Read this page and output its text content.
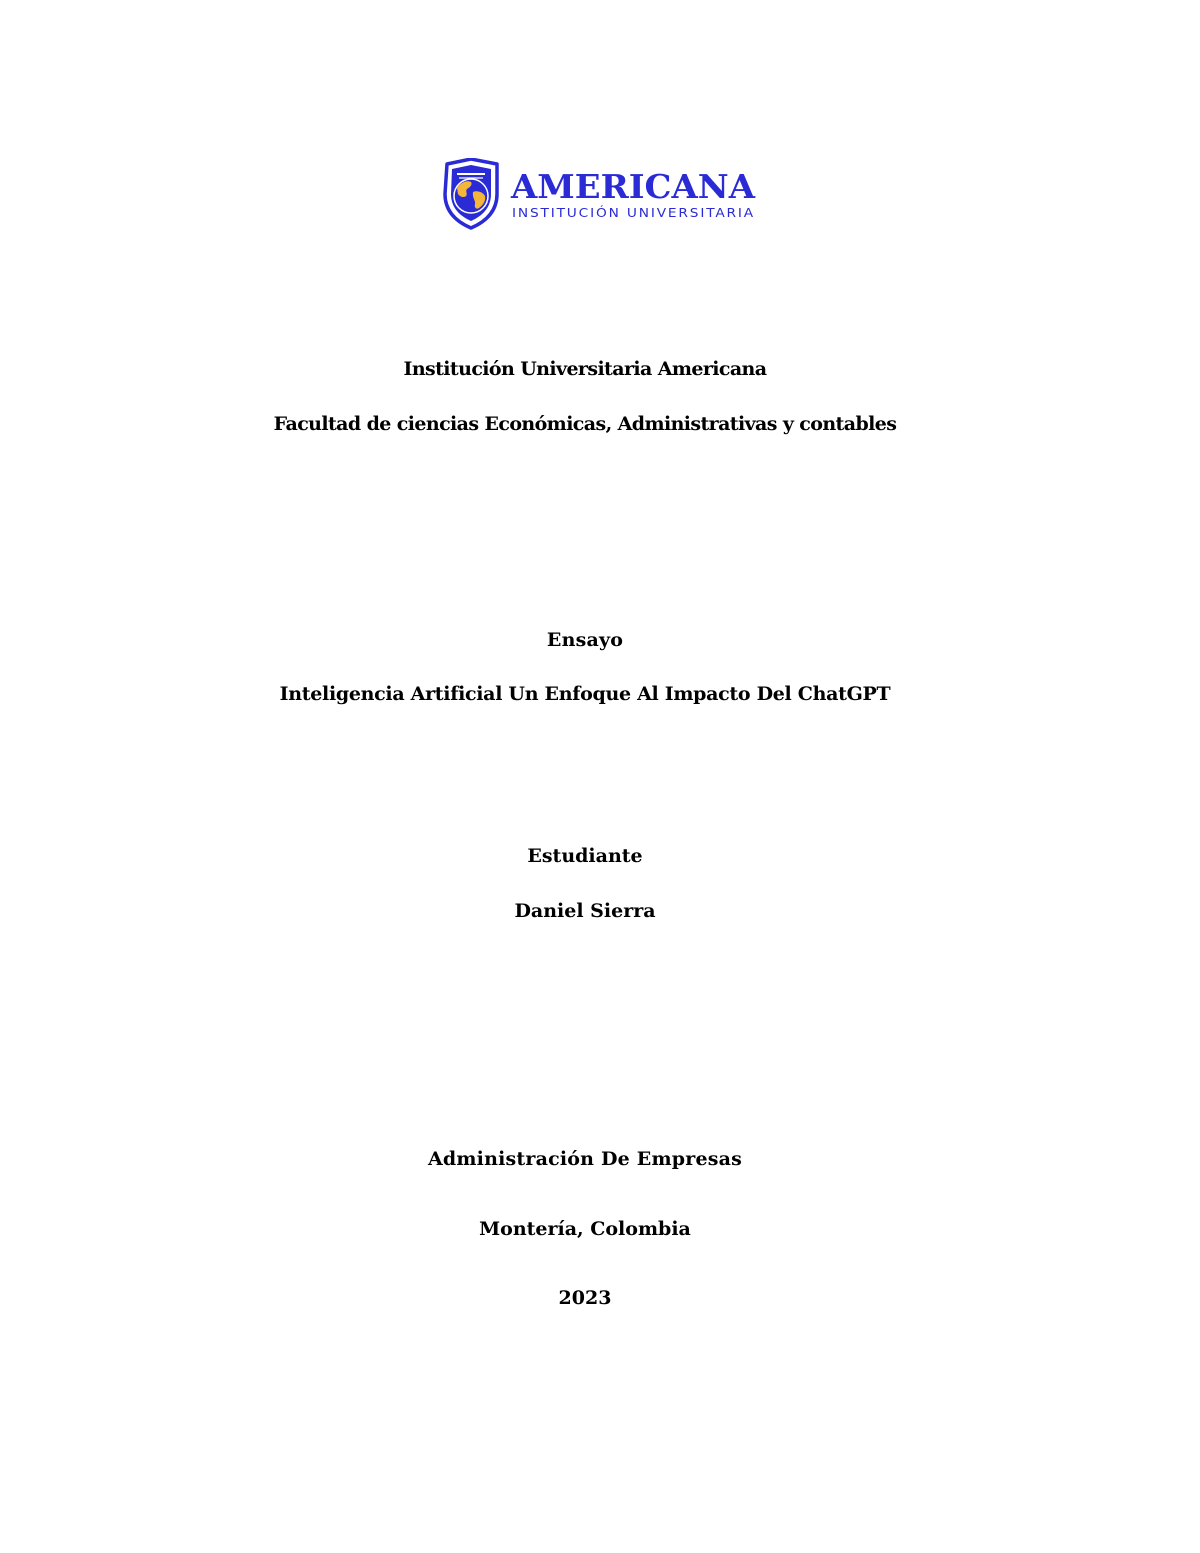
AMERICANA
INSTITUCIÓN UNIVERSITARIA
Institución Universitaria Americana
Facultad de ciencias Económicas, Administrativas y contables
Ensayo
Inteligencia Artificial Un Enfoque Al Impacto Del ChatGPT
Estudiante
Daniel Sierra
Administración De Empresas
Montería, Colombia
2023
